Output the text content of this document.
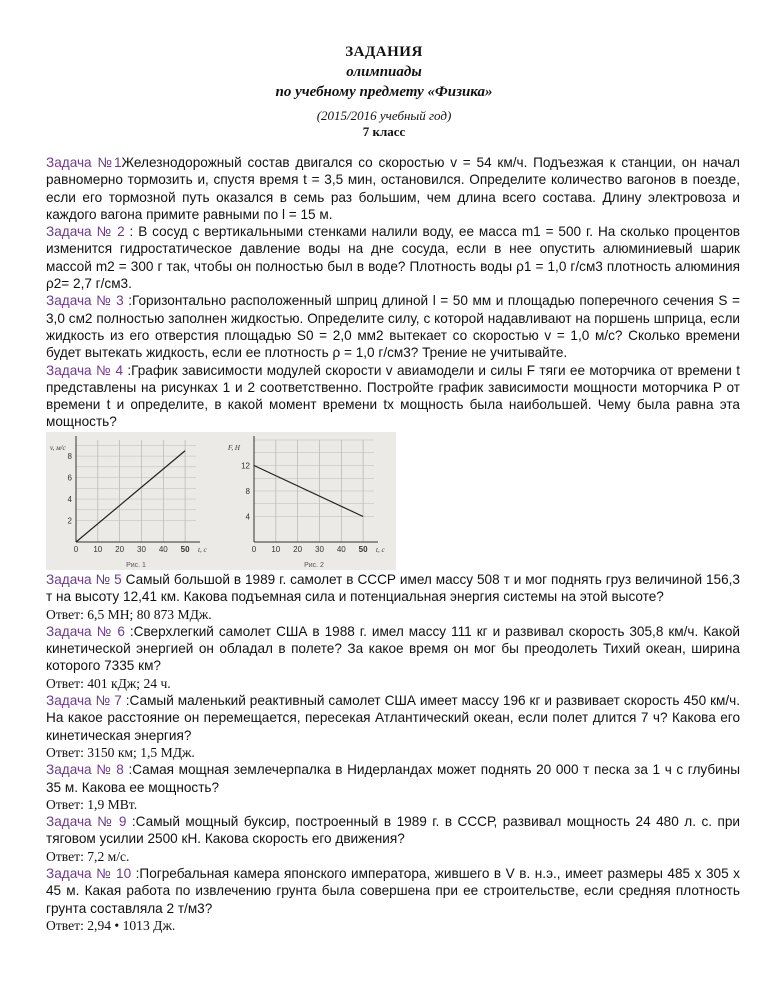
ЗАДАНИЯ
олимпиады
по учебному предмету «Физика»
(2015/2016 учебный год)
7 класс

Задача №1Железнодорожный состав двигался со скоростью v = 54 км/ч. Подъезжая к станции, он начал равномерно тормозить и, спустя время t = 3,5 мин, остановился. Определите количество вагонов в поезде, если его тормозной путь оказался в семь раз большим, чем длина всего состава. Длину электровоза и каждого вагона примите равными по l = 15 м.

Задача № 2 : В сосуд с вертикальными стенками налили воду, ее масса m1 = 500 г. На сколько процентов изменится гидростатическое давление воды на дне сосуда, если в нее опустить алюминиевый шарик массой m2 = 300 г так, чтобы он полностью был в воде? Плотность воды ρ1 = 1,0 г/см3 плотность алюминия ρ2= 2,7 г/см3.

Задача № 3 :Горизонтально расположенный шприц длиной l = 50 мм и площадью поперечного сечения S = 3,0 см2 полностью заполнен жидкостью. Определите силу, с которой надавливают на поршень шприца, если жидкость из его отверстия площадью S0 = 2,0 мм2 вытекает со скоростью v = 1,0 м/с? Сколько времени будет вытекать жидкость, если ее плотность ρ = 1,0 г/см3? Трение не учитывайте.

Задача № 4 :График зависимости модулей скорости v авиамодели и силы F тяги ее моторчика от времени t представлены на рисунках 1 и 2 соответственно. Постройте график зависимости мощности моторчика P от времени t и определите, в какой момент времени tx мощность была наибольшей. Чему была равна эта мощность?

0 10 20 30 40 50
2
4
6
8
v, м/с
t, с
Рис. 1
0 10 20 30 40 50
4
8
12
F, Н
t, с
Рис. 2

Задача № 5 Самый большой в 1989 г. самолет в СССР имел массу 508 т и мог поднять груз величиной 156,3 т на высоту 12,41 км. Какова подъемная сила и потенциальная энергия системы на этой высоте?

Ответ: 6,5 МН; 80 873 МДж.

Задача № 6 :Сверхлегкий самолет США в 1988 г. имел массу 111 кг и развивал скорость 305,8 км/ч. Какой кинетической энергией он обладал в полете? За какое время он мог бы преодолеть Тихий океан, ширина которого 7335 км?

Ответ: 401 кДж; 24 ч.

Задача № 7 :Самый маленький реактивный самолет США имеет массу 196 кг и развивает скорость 450 км/ч. На какое расстояние он перемещается, пересекая Атлантический океан, если полет длится 7 ч? Какова его кинетическая энергия?

Ответ: 3150 км; 1,5 МДж.

Задача № 8 :Самая мощная землечерпалка в Нидерландах может поднять 20 000 т песка за 1 ч с глубины 35 м. Какова ее мощность?

Ответ: 1,9 МВт.

Задача № 9 :Самый мощный буксир, построенный в 1989 г. в СССР, развивал мощность 24 480 л. с. при тяговом усилии 2500 кН. Какова скорость его движения?

Ответ: 7,2 м/с.

Задача № 10 :Погребальная камера японского императора, жившего в V в. н.э., имеет размеры 485 х 305 х 45 м. Какая работа по извлечению грунта была совершена при ее строительстве, если средняя плотность грунта составляла 2 т/м3?

Ответ: 2,94 • 1013 Дж.
